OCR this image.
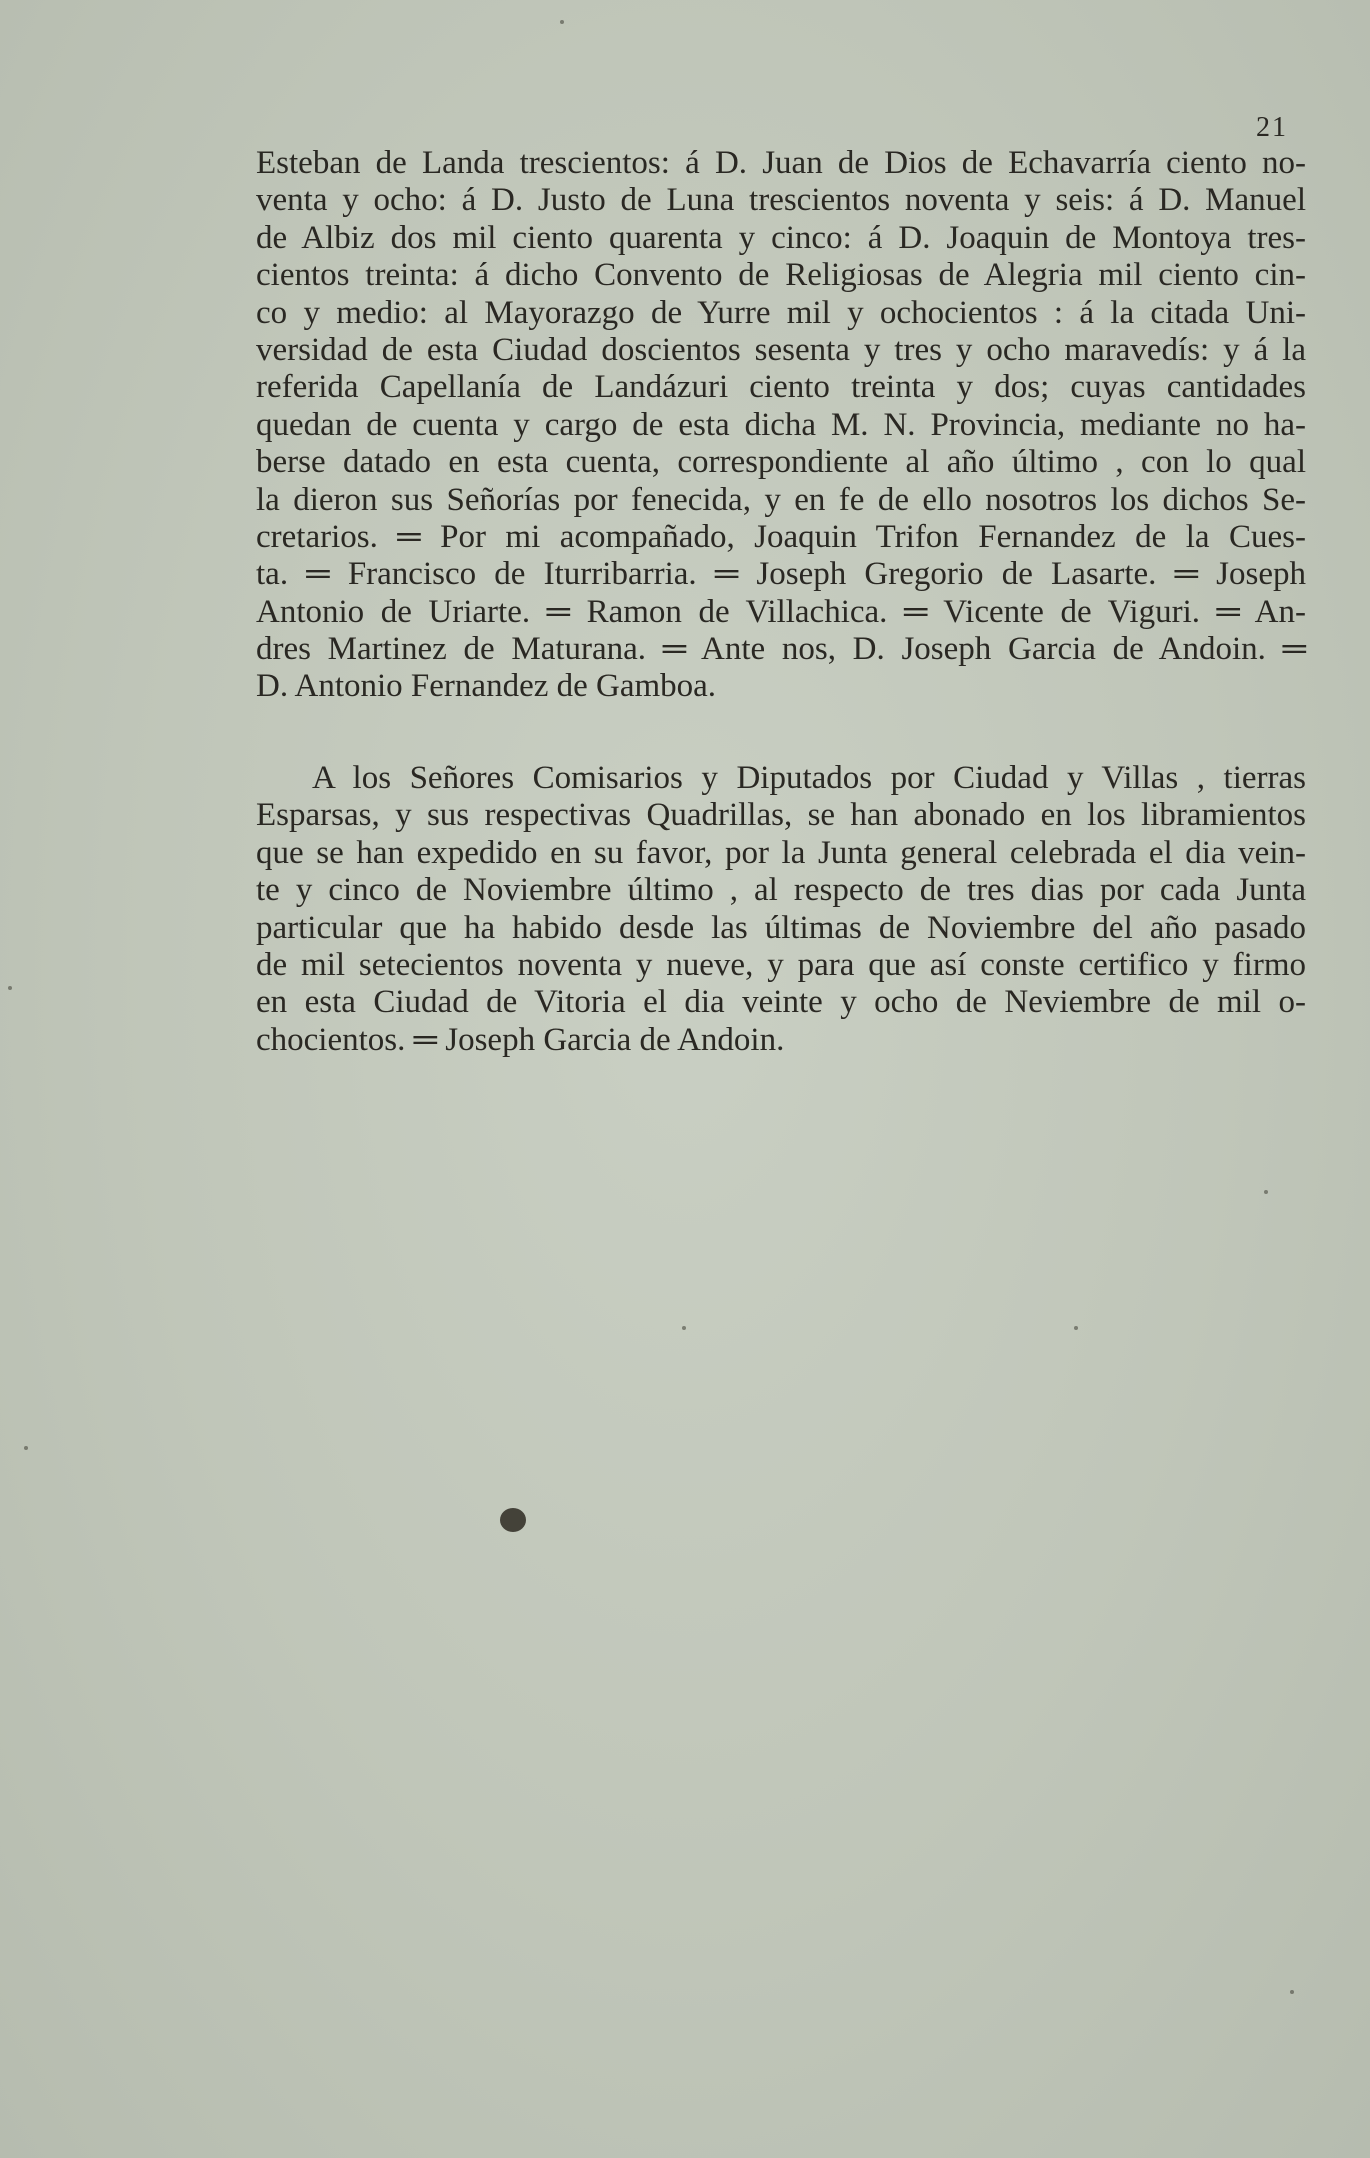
21
Esteban de Landa trescientos: á D. Juan de Dios de Echavarría ciento no-
venta y ocho: á D. Justo de Luna trescientos noventa y seis: á D. Manuel
de Albiz dos mil ciento quarenta y cinco: á D. Joaquin de Montoya tres-
cientos treinta: á dicho Convento de Religiosas de Alegria mil ciento cin-
co y medio: al Mayorazgo de Yurre mil y ochocientos : á la citada Uni-
versidad de esta Ciudad doscientos sesenta y tres y ocho maravedís: y á la
referida Capellanía de Landázuri ciento treinta y dos; cuyas cantidades
quedan de cuenta y cargo de esta dicha M. N. Provincia, mediante no ha-
berse datado en esta cuenta, correspondiente al año último , con lo qual
la dieron sus Señorías por fenecida, y en fe de ello nosotros los dichos Se-
cretarios. ═ Por mi acompañado, Joaquin Trifon Fernandez de la Cues-
ta. ═ Francisco de Iturribarria. ═ Joseph Gregorio de Lasarte. ═ Joseph
Antonio de Uriarte. ═ Ramon de Villachica. ═ Vicente de Viguri. ═ An-
dres Martinez de Maturana. ═ Ante nos, D. Joseph Garcia de Andoin. ═
D. Antonio Fernandez de Gamboa.
A los Señores Comisarios y Diputados por Ciudad y Villas , tierras
Esparsas, y sus respectivas Quadrillas, se han abonado en los libramientos
que se han expedido en su favor, por la Junta general celebrada el dia vein-
te y cinco de Noviembre último , al respecto de tres dias por cada Junta
particular que ha habido desde las últimas de Noviembre del año pasado
de mil setecientos noventa y nueve, y para que así conste certifico y firmo
en esta Ciudad de Vitoria el dia veinte y ocho de Neviembre de mil o-
chocientos. ═ Joseph Garcia de Andoin.
